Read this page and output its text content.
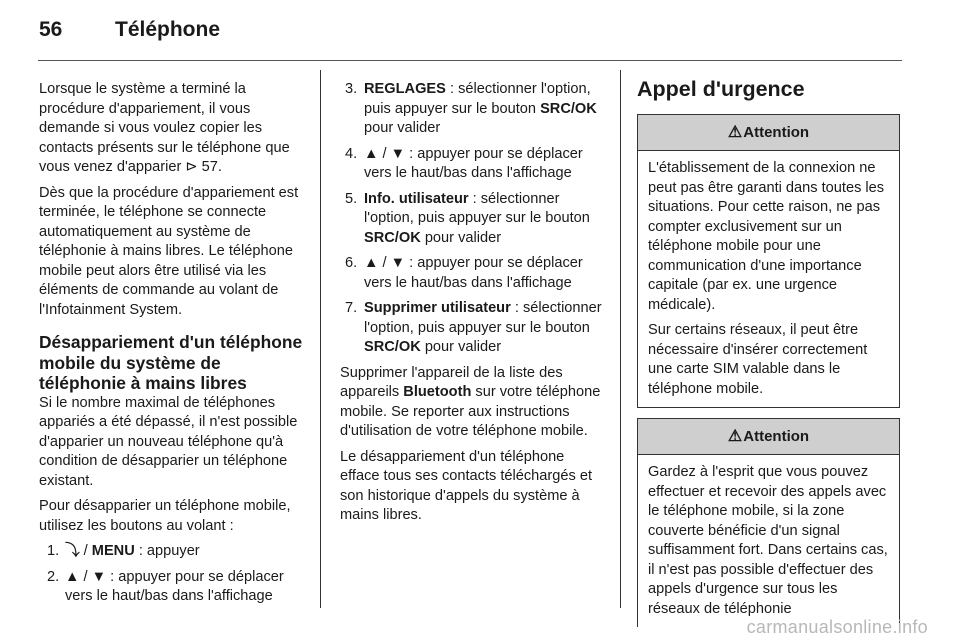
56	Téléphone

Lorsque le système a terminé la procédure d'appariement, il vous demande si vous voulez copier les contacts présents sur le téléphone que vous venez d'apparier ⊳ 57.

Dès que la procédure d'appariement est terminée, le téléphone se connecte automatiquement au système de téléphonie à mains libres. Le téléphone mobile peut alors être utilisé via les éléments de commande au volant de l'Infotainment System.

Désappariement d'un téléphone mobile du système de téléphonie à mains libres

Si le nombre maximal de téléphones appariés a été dépassé, il n'est possible d'apparier un nouveau téléphone qu'à condition de désapparier un téléphone existant.

Pour désapparier un téléphone mobile, utilisez les boutons au volant :

1. ⤵ / MENU : appuyer
2. ▲ / ▼ : appuyer pour se déplacer vers le haut/bas dans l'affichage
3. REGLAGES : sélectionner l'option, puis appuyer sur le bouton SRC/OK pour valider
4. ▲ / ▼ : appuyer pour se déplacer vers le haut/bas dans l'affichage
5. Info. utilisateur : sélectionner l'option, puis appuyer sur le bouton SRC/OK pour valider
6. ▲ / ▼ : appuyer pour se déplacer vers le haut/bas dans l'affichage
7. Supprimer utilisateur : sélectionner l'option, puis appuyer sur le bouton SRC/OK pour valider

Supprimer l'appareil de la liste des appareils Bluetooth sur votre téléphone mobile. Se reporter aux instructions d'utilisation de votre téléphone mobile.

Le désappariement d'un téléphone efface tous ses contacts téléchargés et son historique d'appels du système à mains libres.

Appel d'urgence
⚠ Attention

L'établissement de la connexion ne peut pas être garanti dans toutes les situations. Pour cette raison, ne pas compter exclusivement sur un téléphone mobile pour une communication d'une importance capitale (par ex. une urgence médicale).

Sur certains réseaux, il peut être nécessaire d'insérer correctement une carte SIM valable dans le téléphone mobile.

⚠ Attention

Gardez à l'esprit que vous pouvez effectuer et recevoir des appels avec le téléphone mobile, si la zone couverte bénéficie d'un signal suffisamment fort. Dans certains cas, il n'est pas possible d'effectuer des appels d'urgence sur tous les réseaux de téléphonie

carmanualsonline.info
